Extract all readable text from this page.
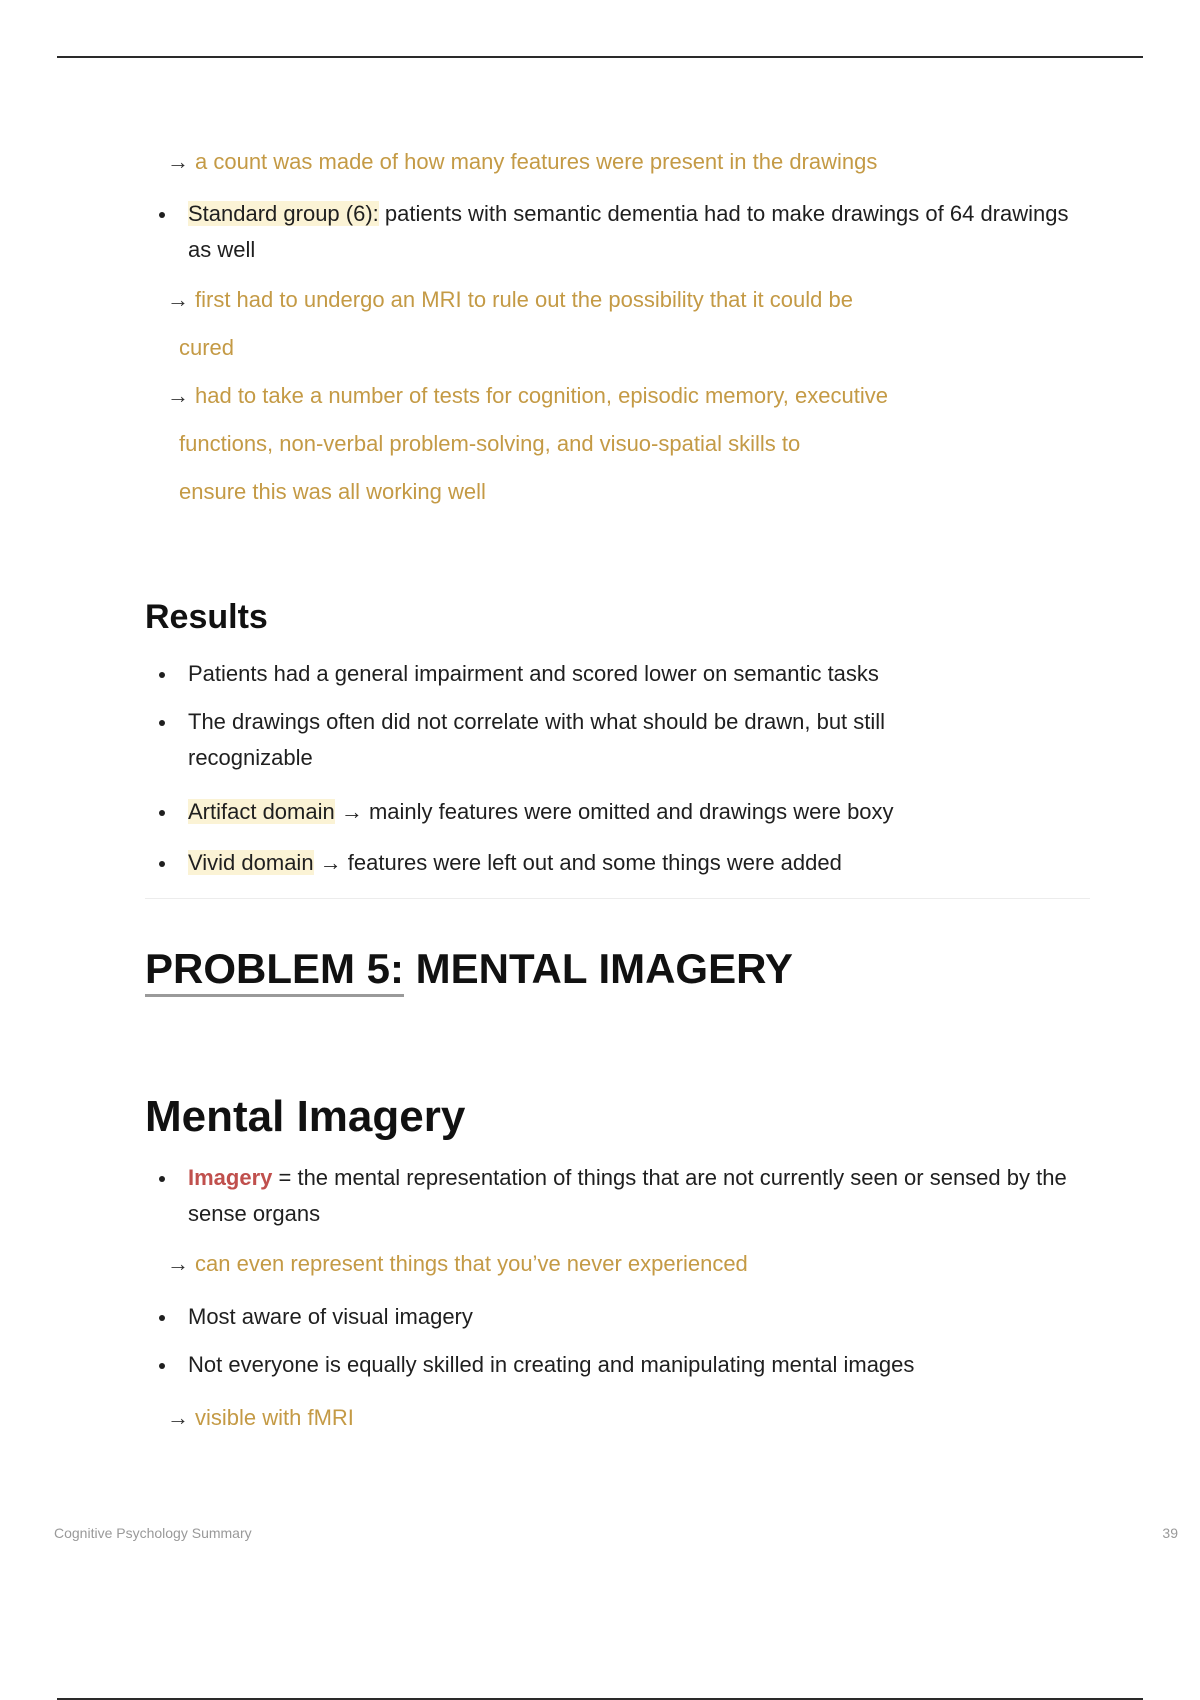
→ a count was made of how many features were present in the drawings
Standard group (6): patients with semantic dementia had to make drawings of 64 drawings as well
→ first had to undergo an MRI to rule out the possibility that it could be
cured
→ had to take a number of tests for cognition, episodic memory, executive
functions, non-verbal problem-solving, and visuo-spatial skills to
ensure this was all working well
Results
Patients had a general impairment and scored lower on semantic tasks
The drawings often did not correlate with what should be drawn, but still recognizable
Artifact domain → mainly features were omitted and drawings were boxy
Vivid domain → features were left out and some things were added
PROBLEM 5: MENTAL IMAGERY
Mental Imagery
Imagery = the mental representation of things that are not currently seen or sensed by the sense organs
→ can even represent things that you’ve never experienced
Most aware of visual imagery
Not everyone is equally skilled in creating and manipulating mental images
→ visible with fMRI
Cognitive Psychology Summary	39
